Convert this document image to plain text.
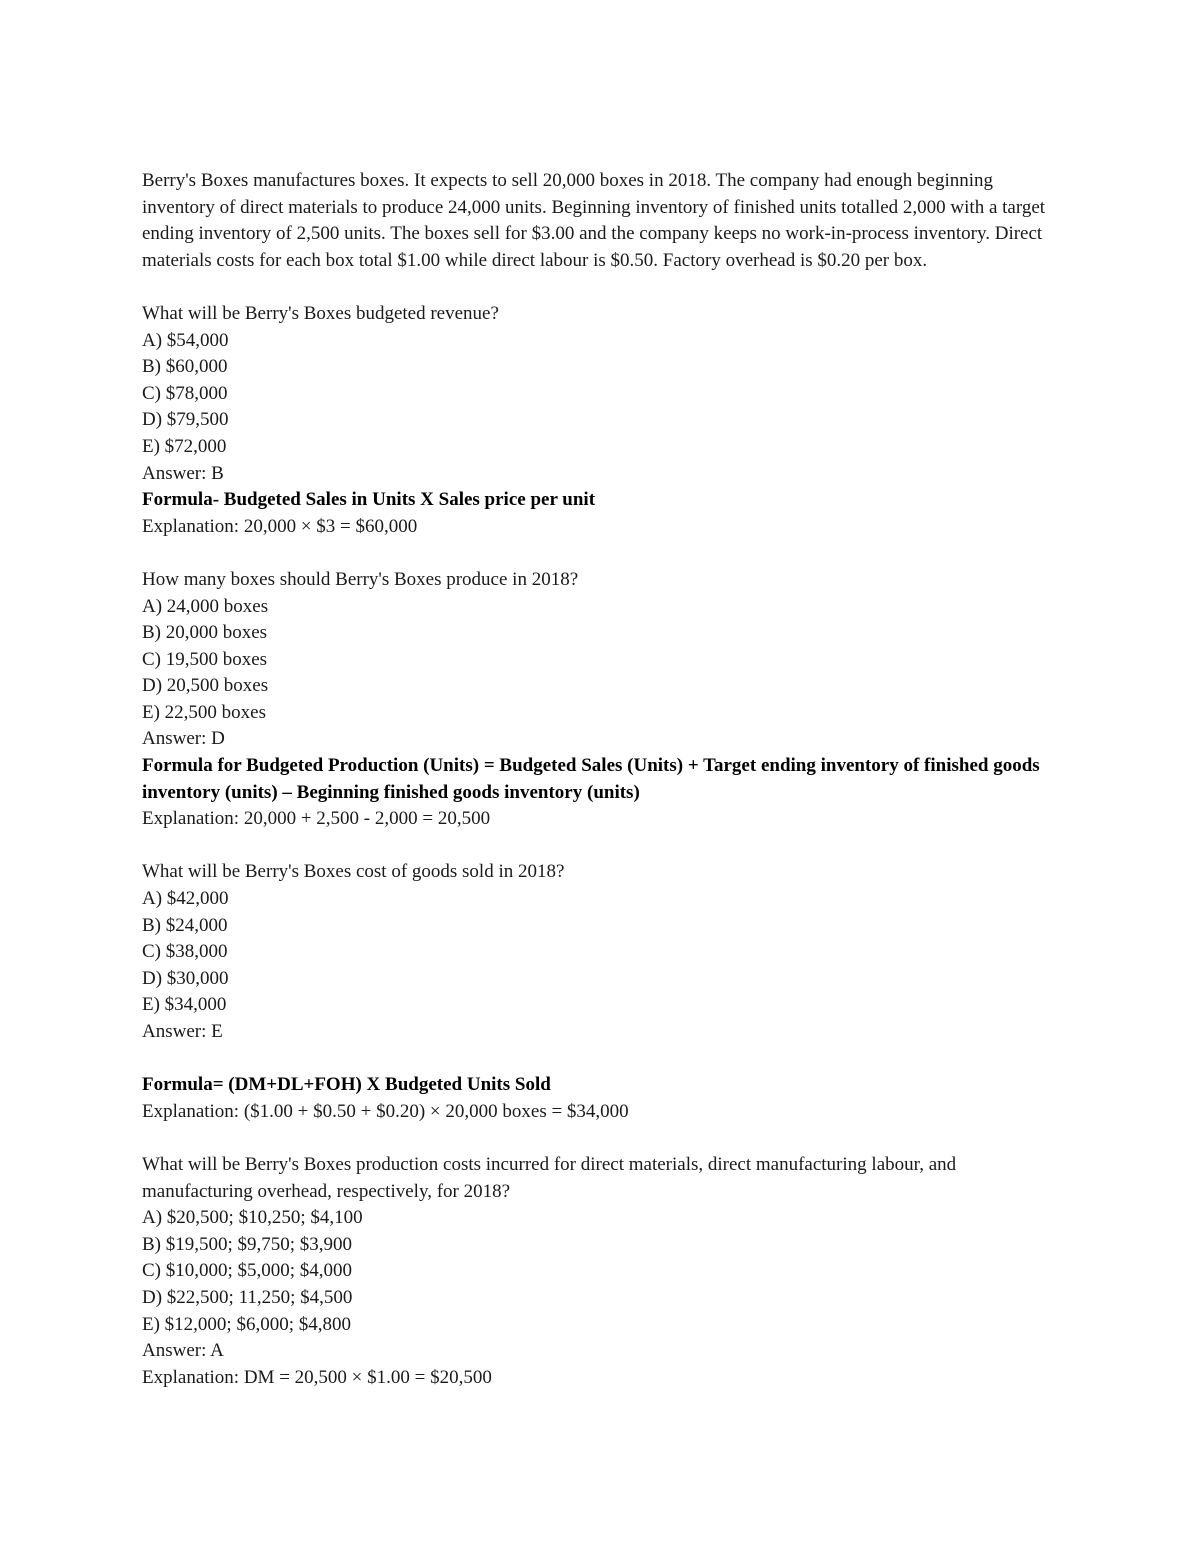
Berry's Boxes manufactures boxes. It expects to sell 20,000 boxes in 2018. The company had enough beginning inventory of direct materials to produce 24,000 units. Beginning inventory of finished units totalled 2,000 with a target ending inventory of 2,500 units. The boxes sell for $3.00 and the company keeps no work-in-process inventory. Direct materials costs for each box total $1.00 while direct labour is $0.50. Factory overhead is $0.20 per box.
What will be Berry's Boxes budgeted revenue?
A) $54,000
B) $60,000
C) $78,000
D) $79,500
E) $72,000
Answer: B
Formula- Budgeted Sales in Units X Sales price per unit
Explanation: 20,000 × $3 = $60,000
How many boxes should Berry's Boxes produce in 2018?
A) 24,000 boxes
B) 20,000 boxes
C) 19,500 boxes
D) 20,500 boxes
E) 22,500 boxes
Answer: D
Formula for Budgeted Production (Units) = Budgeted Sales (Units) + Target ending inventory of finished goods inventory (units) – Beginning finished goods inventory (units)
Explanation: 20,000 + 2,500 - 2,000 = 20,500
What will be Berry's Boxes cost of goods sold in 2018?
A) $42,000
B) $24,000
C) $38,000
D) $30,000
E) $34,000
Answer: E
Formula= (DM+DL+FOH) X Budgeted Units Sold
Explanation: ($1.00 + $0.50 + $0.20) × 20,000 boxes = $34,000
What will be Berry's Boxes production costs incurred for direct materials, direct manufacturing labour, and manufacturing overhead, respectively, for 2018?
A) $20,500; $10,250; $4,100
B) $19,500; $9,750; $3,900
C) $10,000; $5,000; $4,000
D) $22,500; 11,250; $4,500
E) $12,000; $6,000; $4,800
Answer: A
Explanation: DM = 20,500 × $1.00 = $20,500
